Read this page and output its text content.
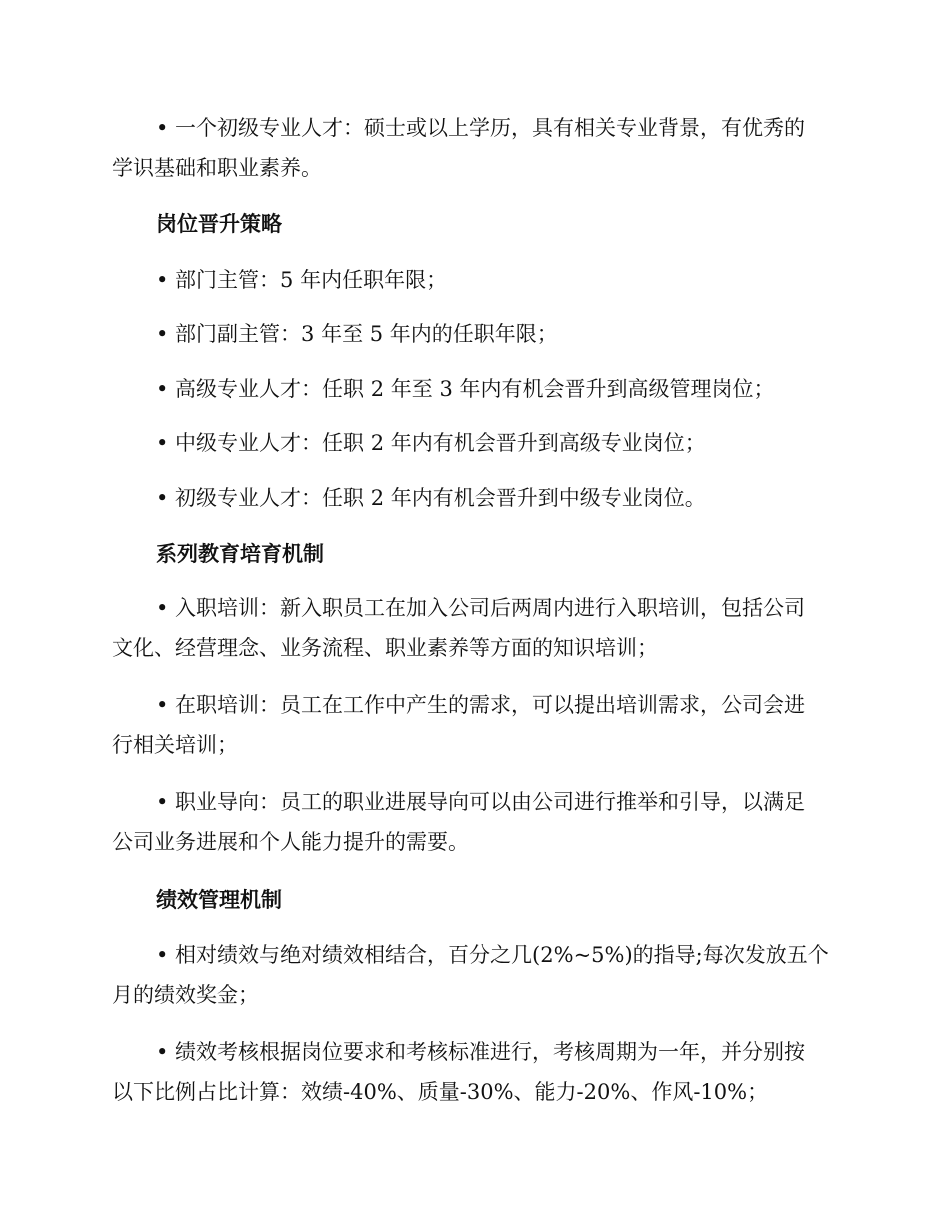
• 一个初级专业人才：硕士或以上学历，具有相关专业背景，有优秀的
学识基础和职业素养。
岗位晋升策略
• 部门主管：5 年内任职年限；
• 部门副主管：3 年至 5 年内的任职年限；
• 高级专业人才：任职 2 年至 3 年内有机会晋升到高级管理岗位；
• 中级专业人才：任职 2 年内有机会晋升到高级专业岗位；
• 初级专业人才：任职 2 年内有机会晋升到中级专业岗位。
系列教育培育机制
• 入职培训：新入职员工在加入公司后两周内进行入职培训，包括公司
文化、经营理念、业务流程、职业素养等方面的知识培训；
• 在职培训：员工在工作中产生的需求，可以提出培训需求，公司会进
行相关培训；
• 职业导向：员工的职业进展导向可以由公司进行推举和引导，以满足
公司业务进展和个人能力提升的需要。
绩效管理机制
• 相对绩效与绝对绩效相结合，百分之几(2%~5%)的指导;每次发放五个
月的绩效奖金；
• 绩效考核根据岗位要求和考核标准进行，考核周期为一年，并分别按
以下比例占比计算：效绩-40%、质量-30%、能力-20%、作风-10%；
